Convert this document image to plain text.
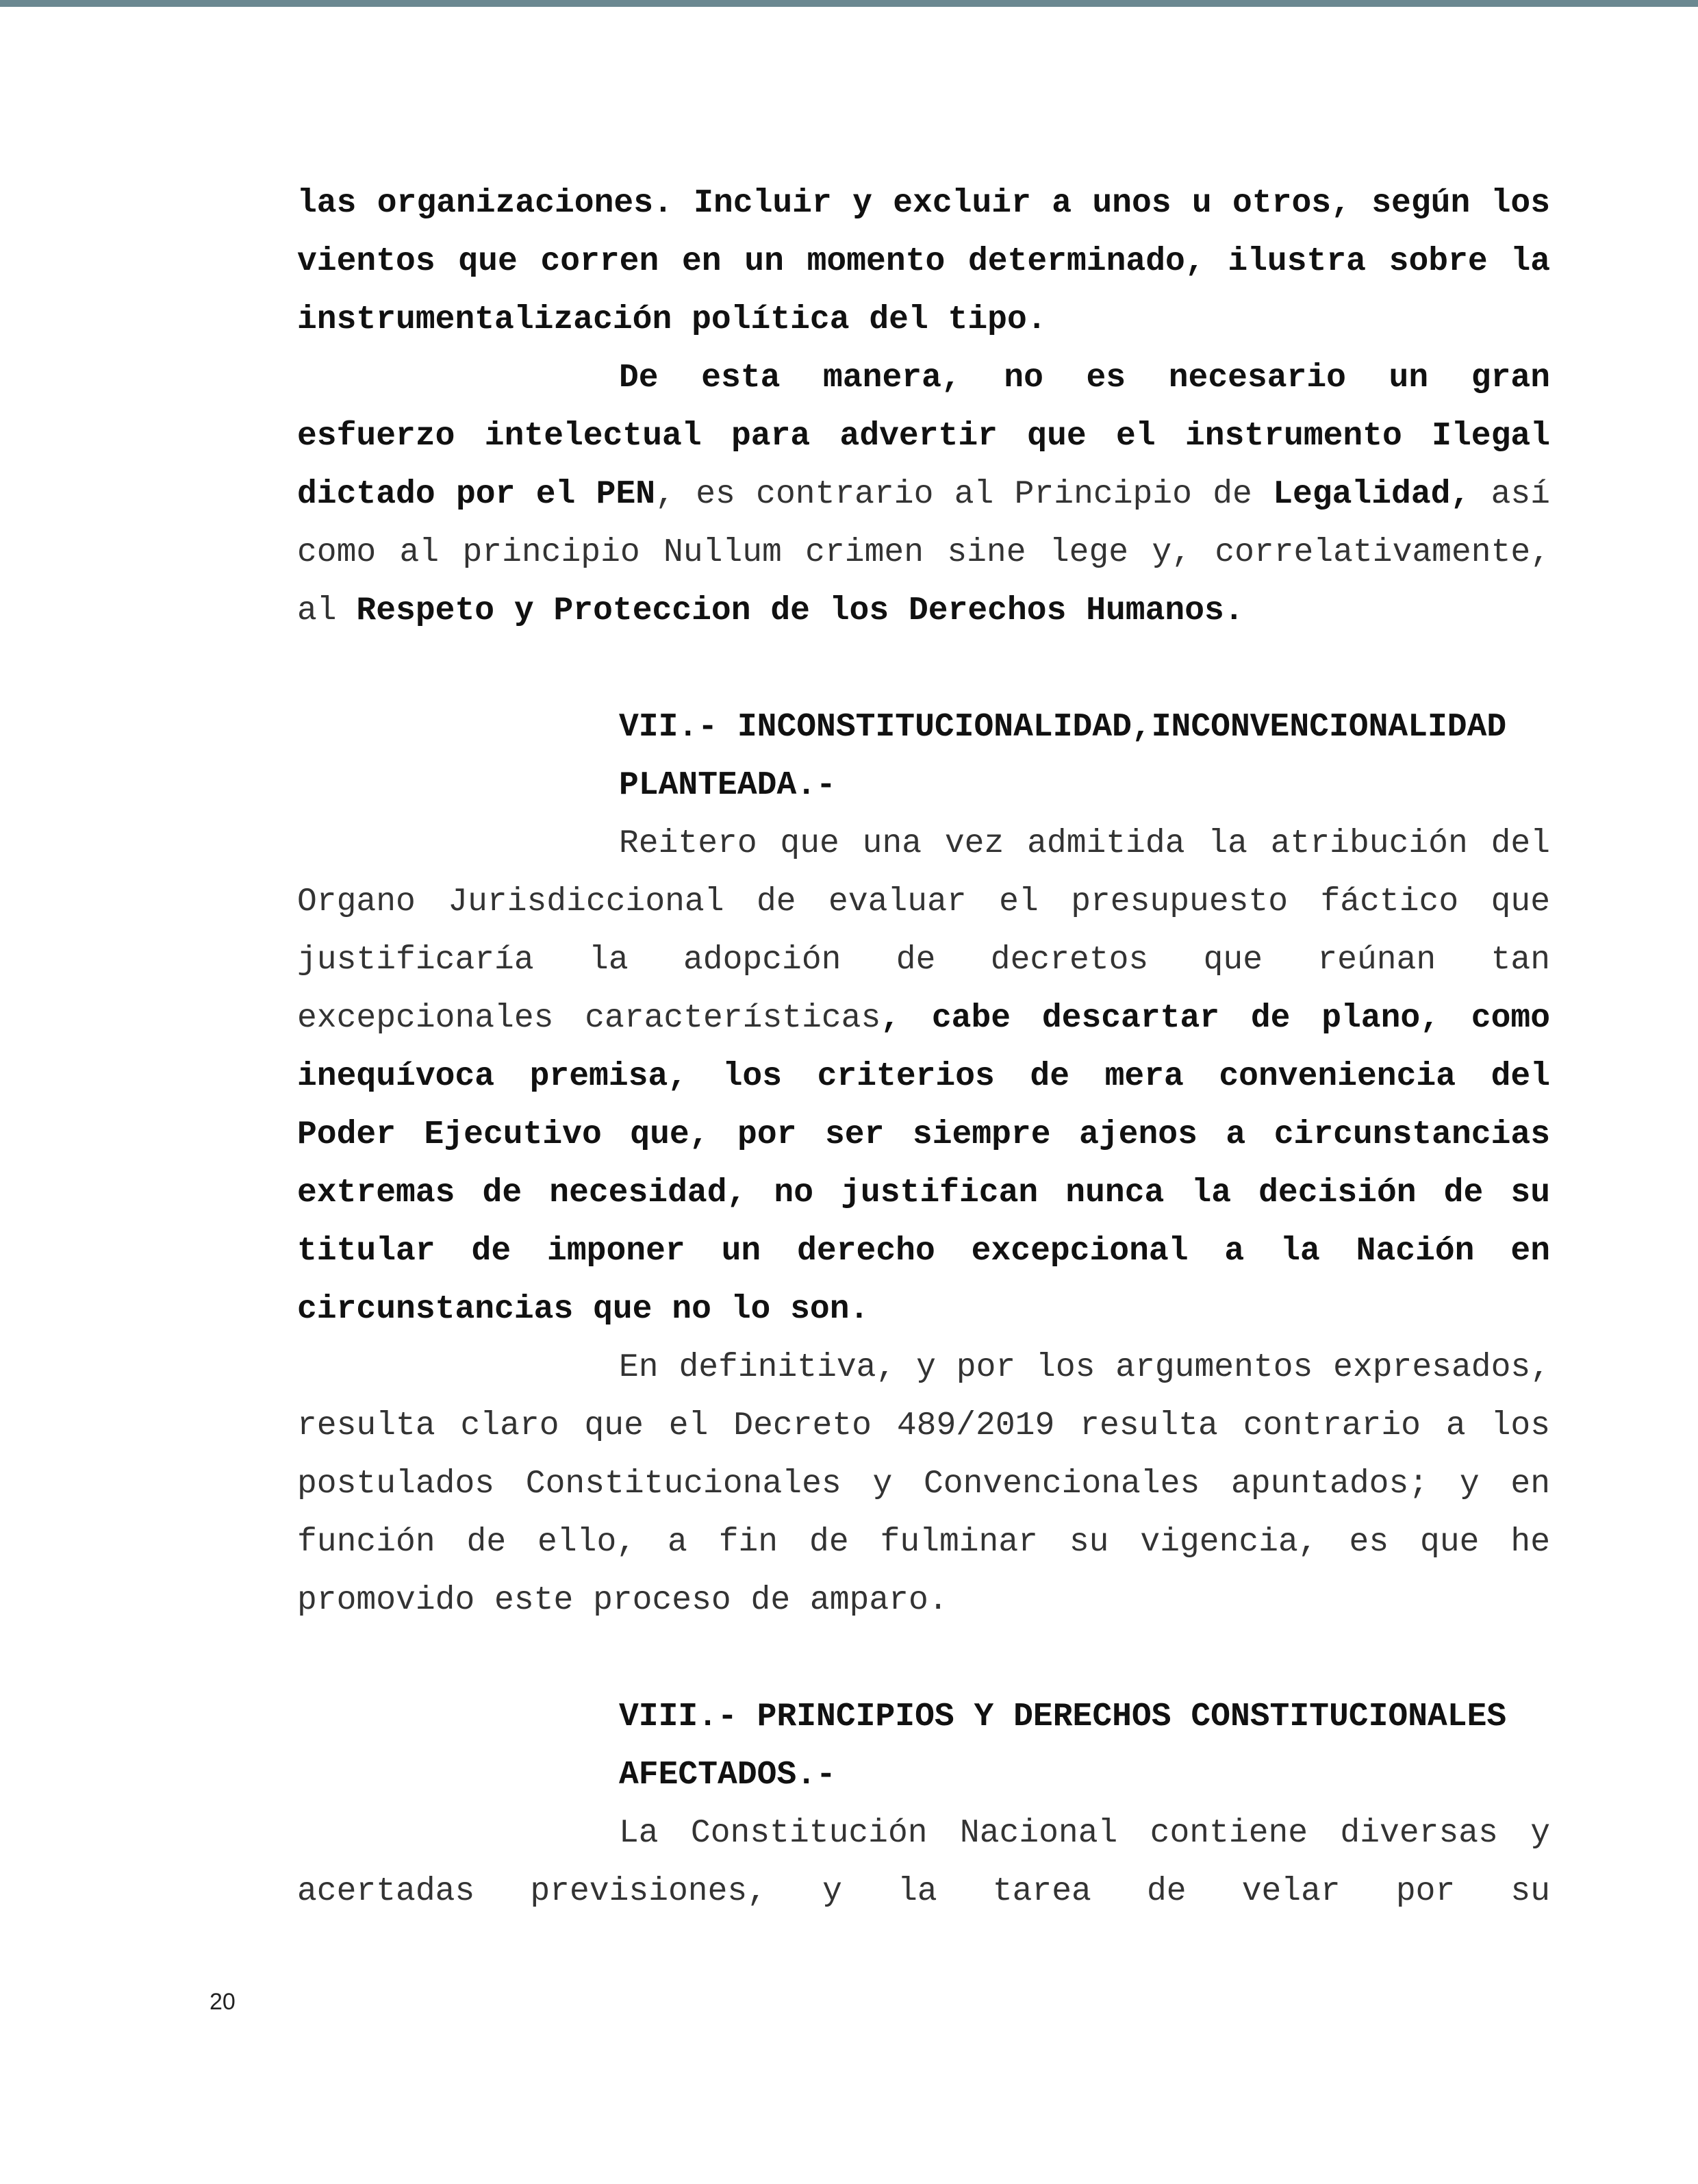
las organizaciones. Incluir y excluir a unos u otros, según los vientos que corren en un momento determinado, ilustra sobre la instrumentalización política del tipo.

De esta manera, no es necesario un gran esfuerzo intelectual para advertir que el instrumento Ilegal dictado por el PEN, es contrario al Principio de Legalidad, así como al principio Nullum crimen sine lege y, correlativamente, al Respeto y Proteccion de los Derechos Humanos.

VII.- INCONSTITUCIONALIDAD,INCONVENCIONALIDAD PLANTEADA.-

Reitero que una vez admitida la atribución del Organo Jurisdiccional de evaluar el presupuesto fáctico que justificaría la adopción de decretos que reúnan tan excepcionales características, cabe descartar de plano, como inequívoca premisa, los criterios de mera conveniencia del Poder Ejecutivo que, por ser siempre ajenos a circunstancias extremas de necesidad, no justifican nunca la decisión de su titular de imponer un derecho excepcional a la Nación en circunstancias que no lo son.

En definitiva, y por los argumentos expresados, resulta claro que el Decreto 489/2019 resulta contrario a los postulados Constitucionales y Convencionales apuntados; y en función de ello, a fin de fulminar su vigencia, es que he promovido este proceso de amparo.

VIII.- PRINCIPIOS Y DERECHOS CONSTITUCIONALES AFECTADOS.-

La Constitución Nacional contiene diversas y acertadas previsiones, y la tarea de velar por su

20
